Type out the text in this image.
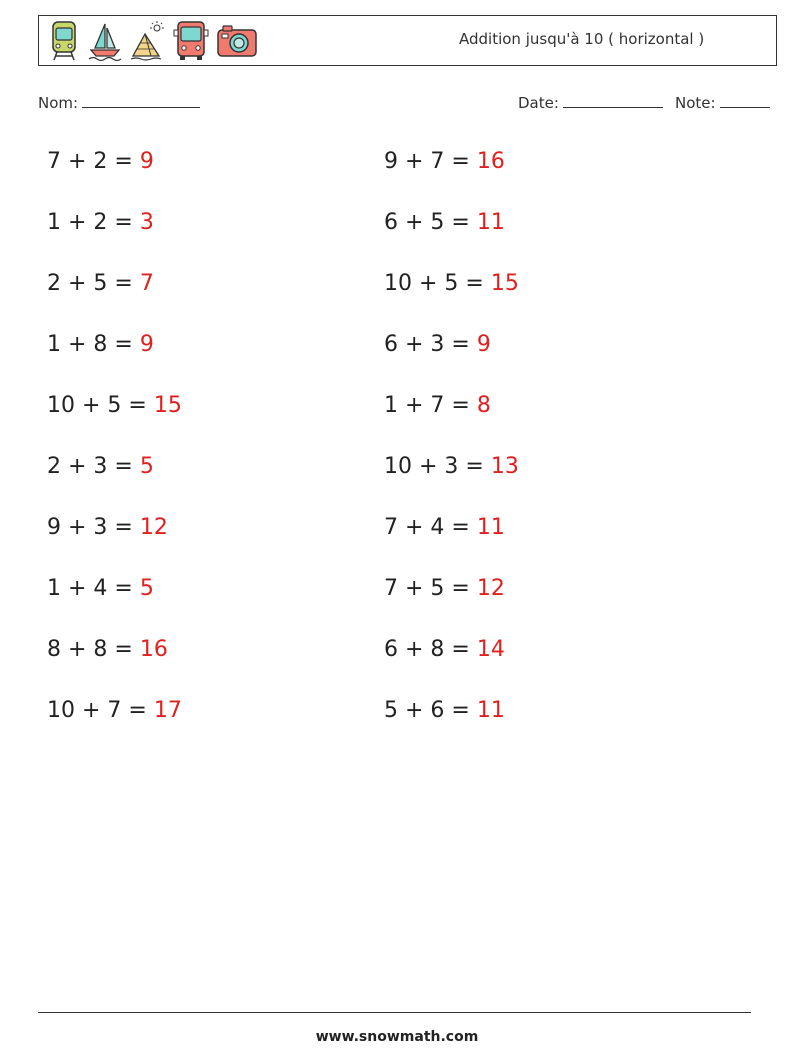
Addition jusqu'à 10 ( horizontal )
Nom:	Date:	Note:
7 + 2 = 9	9 + 7 = 16
1 + 2 = 3	6 + 5 = 11
2 + 5 = 7	10 + 5 = 15
1 + 8 = 9	6 + 3 = 9
10 + 5 = 15	1 + 7 = 8
2 + 3 = 5	10 + 3 = 13
9 + 3 = 12	7 + 4 = 11
1 + 4 = 5	7 + 5 = 12
8 + 8 = 16	6 + 8 = 14
10 + 7 = 17	5 + 6 = 11
www.snowmath.com
